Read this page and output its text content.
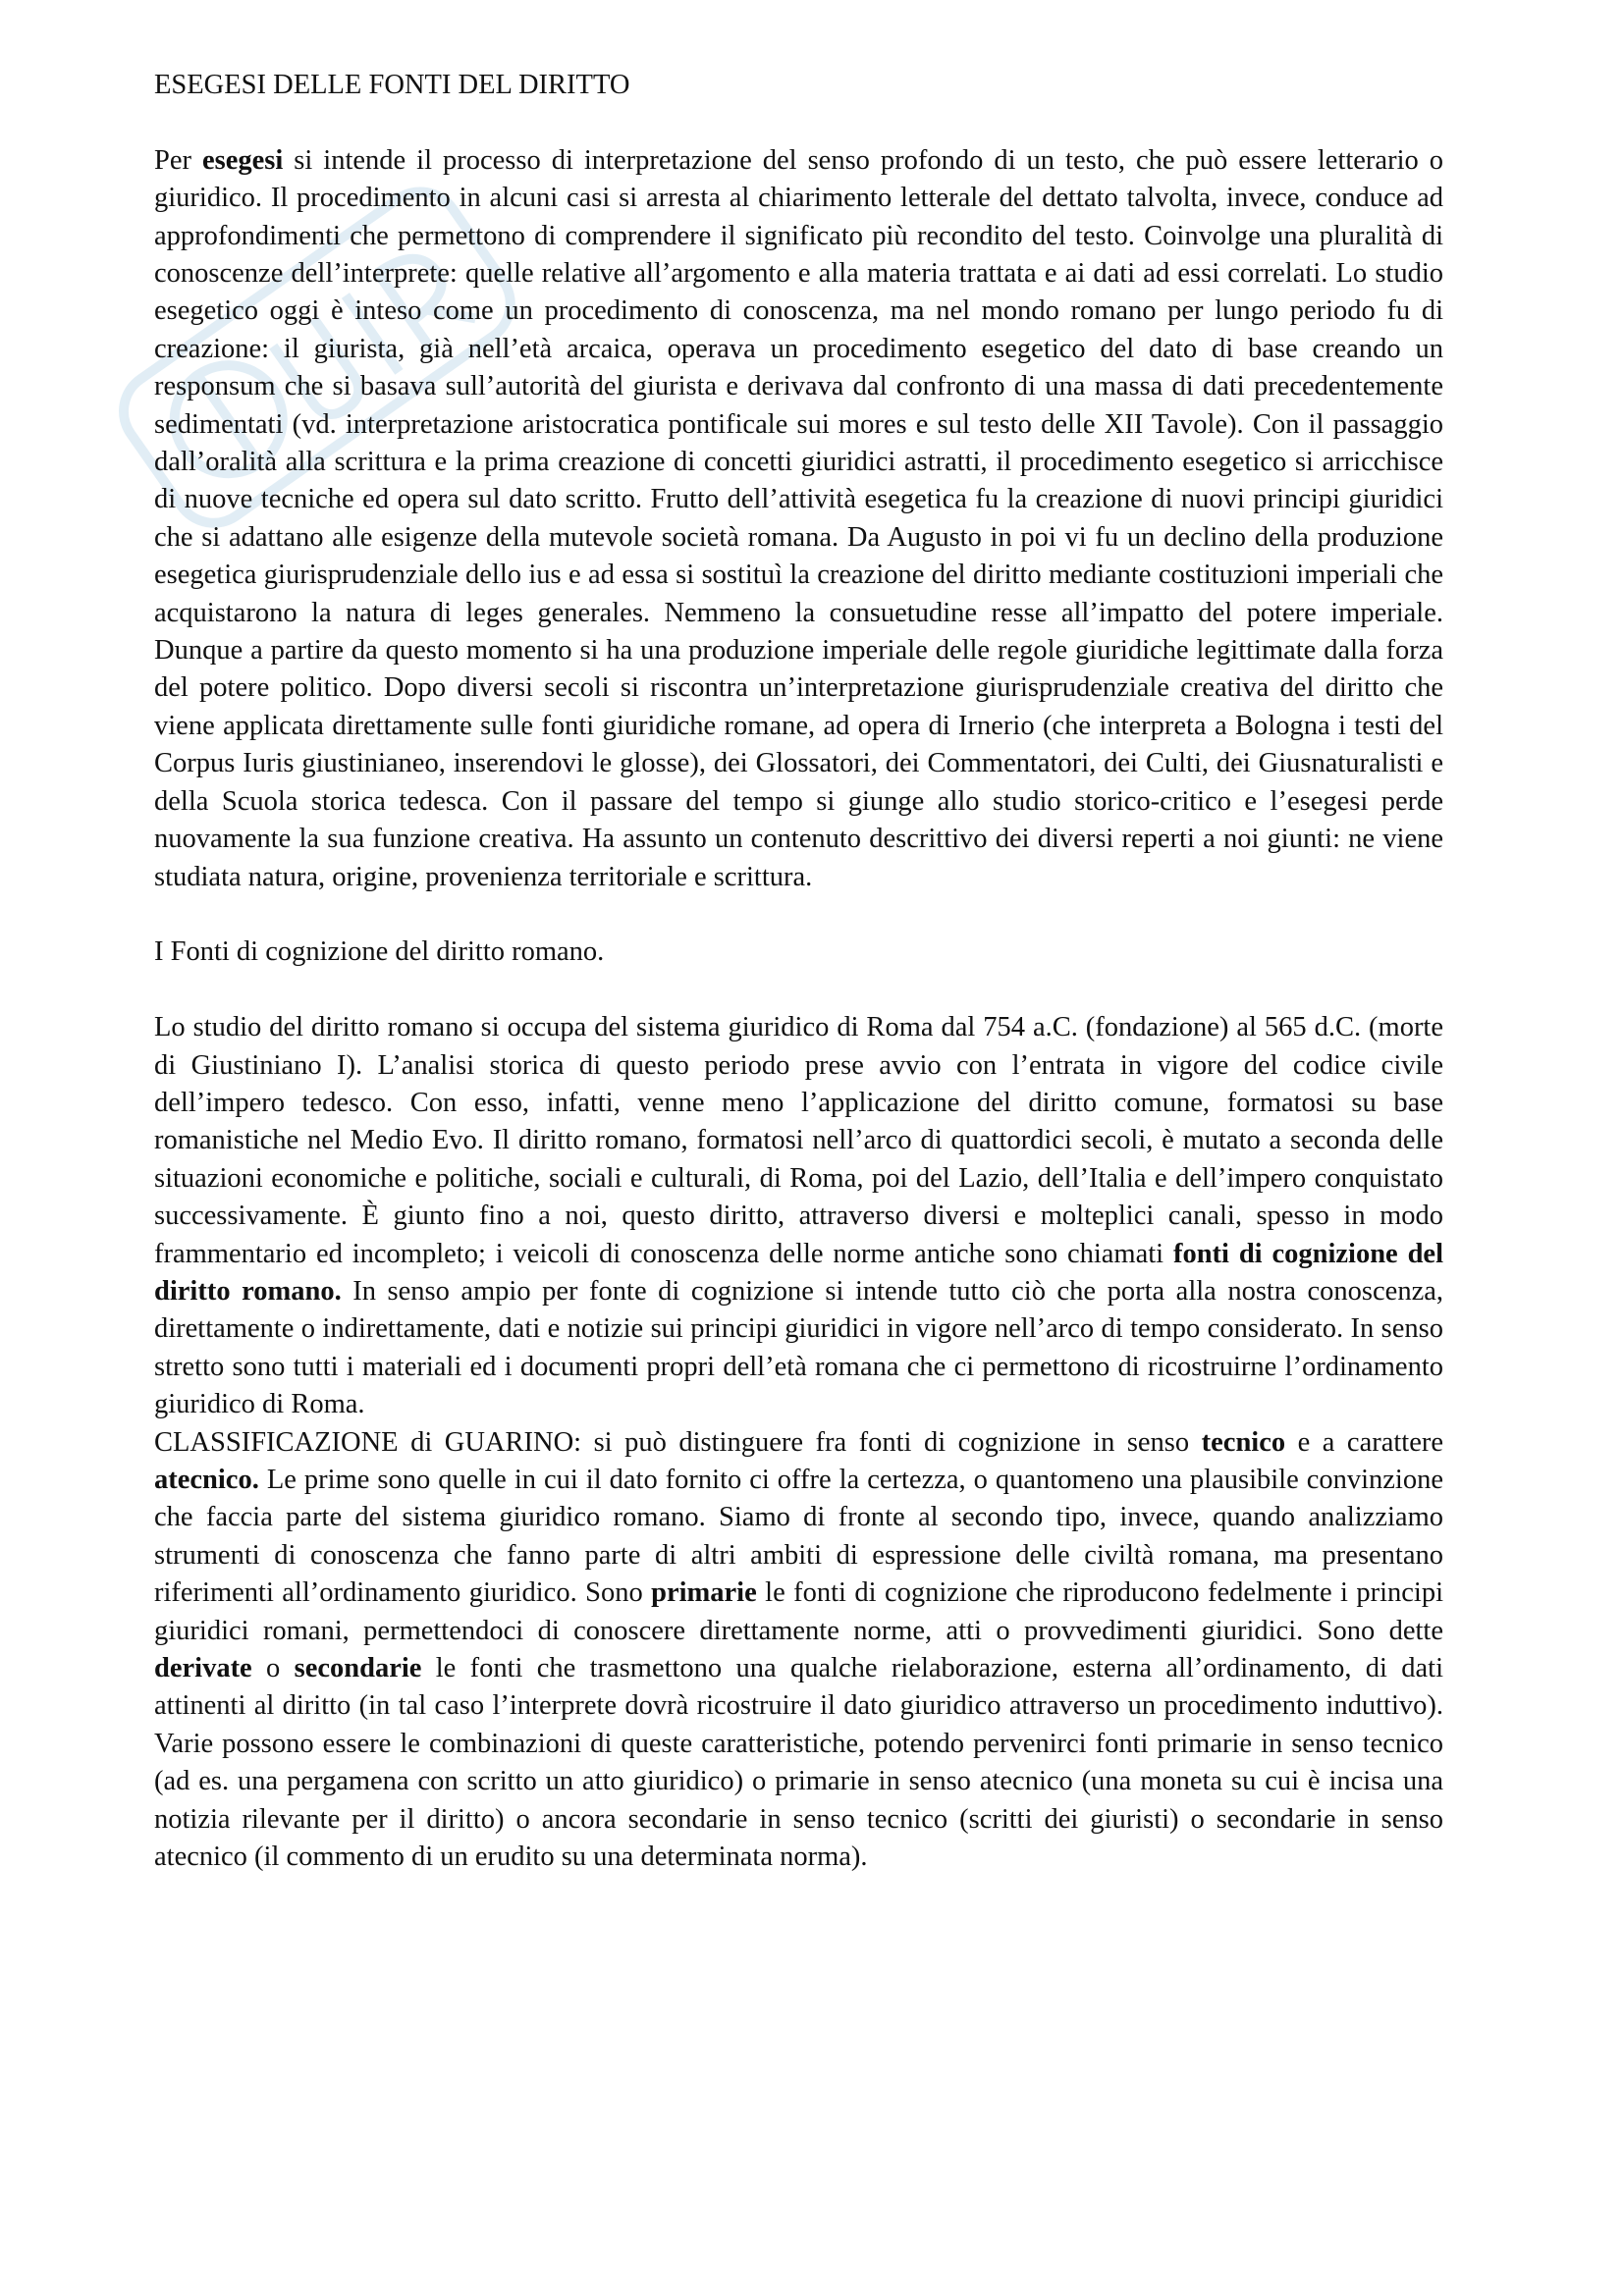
ESEGESI DELLE FONTI DEL DIRITTO

Per esegesi si intende il processo di interpretazione del senso profondo di un testo, che può essere letterario o giuridico. Il procedimento in alcuni casi si arresta al chiarimento letterale del dettato talvolta, invece, conduce ad approfondimenti che permettono di comprendere il significato più recondito del testo. Coinvolge una pluralità di conoscenze dell’interprete: quelle relative all’argomento e alla materia trattata e ai dati ad essi correlati. Lo studio esegetico oggi è inteso come un procedimento di conoscenza, ma nel mondo romano per lungo periodo fu di creazione: il giurista, già nell’età arcaica, operava un procedimento esegetico del dato di base creando un responsum che si basava sull’autorità del giurista e derivava dal confronto di una massa di dati precedentemente sedimentati (vd. interpretazione aristocratica pontificale sui mores e sul testo delle XII Tavole). Con il passaggio dall’oralità alla scrittura e la prima creazione di concetti giuridici astratti, il procedimento esegetico si arricchisce di nuove tecniche ed opera sul dato scritto. Frutto dell’attività esegetica fu la creazione di nuovi principi giuridici che si adattano alle esigenze della mutevole società romana. Da Augusto in poi vi fu un declino della produzione esegetica giurisprudenziale dello ius e ad essa si sostituì la creazione del diritto mediante costituzioni imperiali che acquistarono la natura di leges generales. Nemmeno la consuetudine resse all’impatto del potere imperiale. Dunque a partire da questo momento si ha una produzione imperiale delle regole giuridiche legittimate dalla forza del potere politico. Dopo diversi secoli si riscontra un’interpretazione giurisprudenziale creativa del diritto che viene applicata direttamente sulle fonti giuridiche romane, ad opera di Irnerio (che interpreta a Bologna i testi del Corpus Iuris giustinianeo, inserendovi le glosse), dei Glossatori, dei Commentatori, dei Culti, dei Giusnaturalisti e della Scuola storica tedesca. Con il passare del tempo si giunge allo studio storico-critico e l’esegesi perde nuovamente la sua funzione creativa. Ha assunto un contenuto descrittivo dei diversi reperti a noi giunti: ne viene studiata natura, origine, provenienza territoriale e scrittura.

I Fonti di cognizione del diritto romano.

Lo studio del diritto romano si occupa del sistema giuridico di Roma dal 754 a.C. (fondazione) al 565 d.C. (morte di Giustiniano I). L’analisi storica di questo periodo prese avvio con l’entrata in vigore del codice civile dell’impero tedesco. Con esso, infatti, venne meno l’applicazione del diritto comune, formatosi su base romanistiche nel Medio Evo. Il diritto romano, formatosi nell’arco di quattordici secoli, è mutato a seconda delle situazioni economiche e politiche, sociali e culturali, di Roma, poi del Lazio, dell’Italia e dell’impero conquistato successivamente. È giunto fino a noi, questo diritto, attraverso diversi e molteplici canali, spesso in modo frammentario ed incompleto; i veicoli di conoscenza delle norme antiche sono chiamati fonti di cognizione del diritto romano. In senso ampio per fonte di cognizione si intende tutto ciò che porta alla nostra conoscenza, direttamente o indirettamente, dati e notizie sui principi giuridici in vigore nell’arco di tempo considerato. In senso stretto sono tutti i materiali ed i documenti propri dell’età romana che ci permettono di ricostruirne l’ordinamento giuridico di Roma.

CLASSIFICAZIONE di GUARINO: si può distinguere fra fonti di cognizione in senso tecnico e a carattere atecnico. Le prime sono quelle in cui il dato fornito ci offre la certezza, o quantomeno una plausibile convinzione che faccia parte del sistema giuridico romano. Siamo di fronte al secondo tipo, invece, quando analizziamo strumenti di conoscenza che fanno parte di altri ambiti di espressione delle civiltà romana, ma presentano riferimenti all’ordinamento giuridico. Sono primarie le fonti di cognizione che riproducono fedelmente i principi giuridici romani, permettendoci di conoscere direttamente norme, atti o provvedimenti giuridici. Sono dette derivate o secondarie le fonti che trasmettono una qualche rielaborazione, esterna all’ordinamento, di dati attinenti al diritto (in tal caso l’interprete dovrà ricostruire il dato giuridico attraverso un procedimento induttivo). Varie possono essere le combinazioni di queste caratteristiche, potendo pervenirci fonti primarie in senso tecnico (ad es. una pergamena con scritto un atto giuridico) o primarie in senso atecnico (una moneta su cui è incisa una notizia rilevante per il diritto) o ancora secondarie in senso tecnico (scritti dei giuristi) o secondarie in senso atecnico (il commento di un erudito su una determinata norma).
